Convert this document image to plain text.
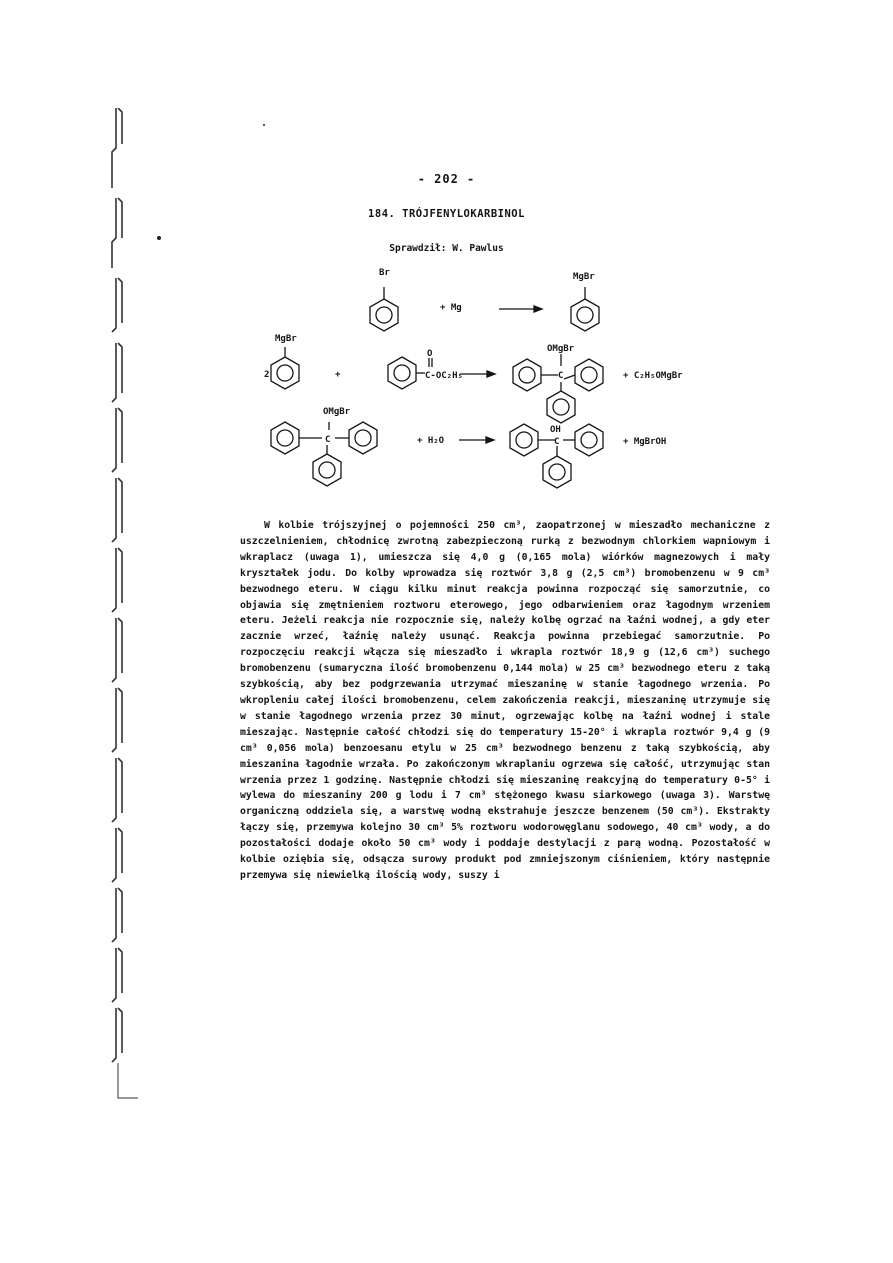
- 202 -
184. TRÓJFENYLOKARBINOL
Sprawdził: W. Pawlus
Br
+ Mg
MgBr
2
MgBr
+
O
C-OC₂H₅
OMgBr
C	+ C₂H₅OMgBr
OMgBr
C	+ H₂O
OH
C	+ MgBrOH

W kolbie trójszyjnej o pojemności 250 cm³, zaopatrzonej w mieszadło mechaniczne z uszczelnieniem, chłodnicę zwrotną zabezpieczoną rurką z bezwodnym chlorkiem wapniowym i wkraplacz (uwaga 1), umieszcza się 4,0 g (0,165 mola) wiórków magnezowych i mały kryształek jodu. Do kolby wprowadza się roztwór 3,8 g (2,5 cm³) bromobenzenu w 9 cm³ bezwodnego eteru. W ciągu kilku minut reakcja powinna rozpocząć się samorzutnie, co objawia się zmętnieniem roztworu eterowego, jego odbarwieniem oraz łagodnym wrzeniem eteru. Jeżeli reakcja nie rozpocznie się, należy kolbę ogrzać na łaźni wodnej, a gdy eter zacznie wrzeć, łaźnię należy usunąć. Reakcja powinna przebiegać samorzutnie. Po rozpoczęciu reakcji włącza się mieszadło i wkrapla roztwór 18,9 g (12,6 cm³) suchego bromobenzenu (sumaryczna ilość bromobenzenu 0,144 mola) w 25 cm³ bezwodnego eteru z taką szybkością, aby bez podgrzewania utrzymać mieszaninę w stanie łagodnego wrzenia. Po wkropleniu całej ilości bromobenzenu, celem zakończenia reakcji, mieszaninę utrzymuje się w stanie łagodnego wrzenia przez 30 minut, ogrzewając kolbę na łaźni wodnej i stale mieszając. Następnie całość chłodzi się do temperatury 15-20° i wkrapla roztwór 9,4 g (9 cm³ 0,056 mola) benzoesanu etylu w 25 cm³ bezwodnego benzenu z taką szybkością, aby mieszanina łagodnie wrzała. Po zakończonym wkraplaniu ogrzewa się całość, utrzymując stan wrzenia przez 1 godzinę. Następnie chłodzi się mieszaninę reakcyjną do temperatury 0-5° i wylewa do mieszaniny 200 g lodu i 7 cm³ stężonego kwasu siarkowego (uwaga 3). Warstwę organiczną oddziela się, a warstwę wodną ekstrahuje jeszcze benzenem (50 cm³). Ekstrakty łączy się, przemywa kolejno 30 cm³ 5% roztworu wodorowęglanu sodowego, 40 cm³ wody, a do pozostałości dodaje około 50 cm³ wody i poddaje destylacji z parą wodną. Pozostałość w kolbie oziębia się, odsącza surowy produkt pod zmniejszonym ciśnieniem, który następnie przemywa się niewielką ilością wody, suszy i
